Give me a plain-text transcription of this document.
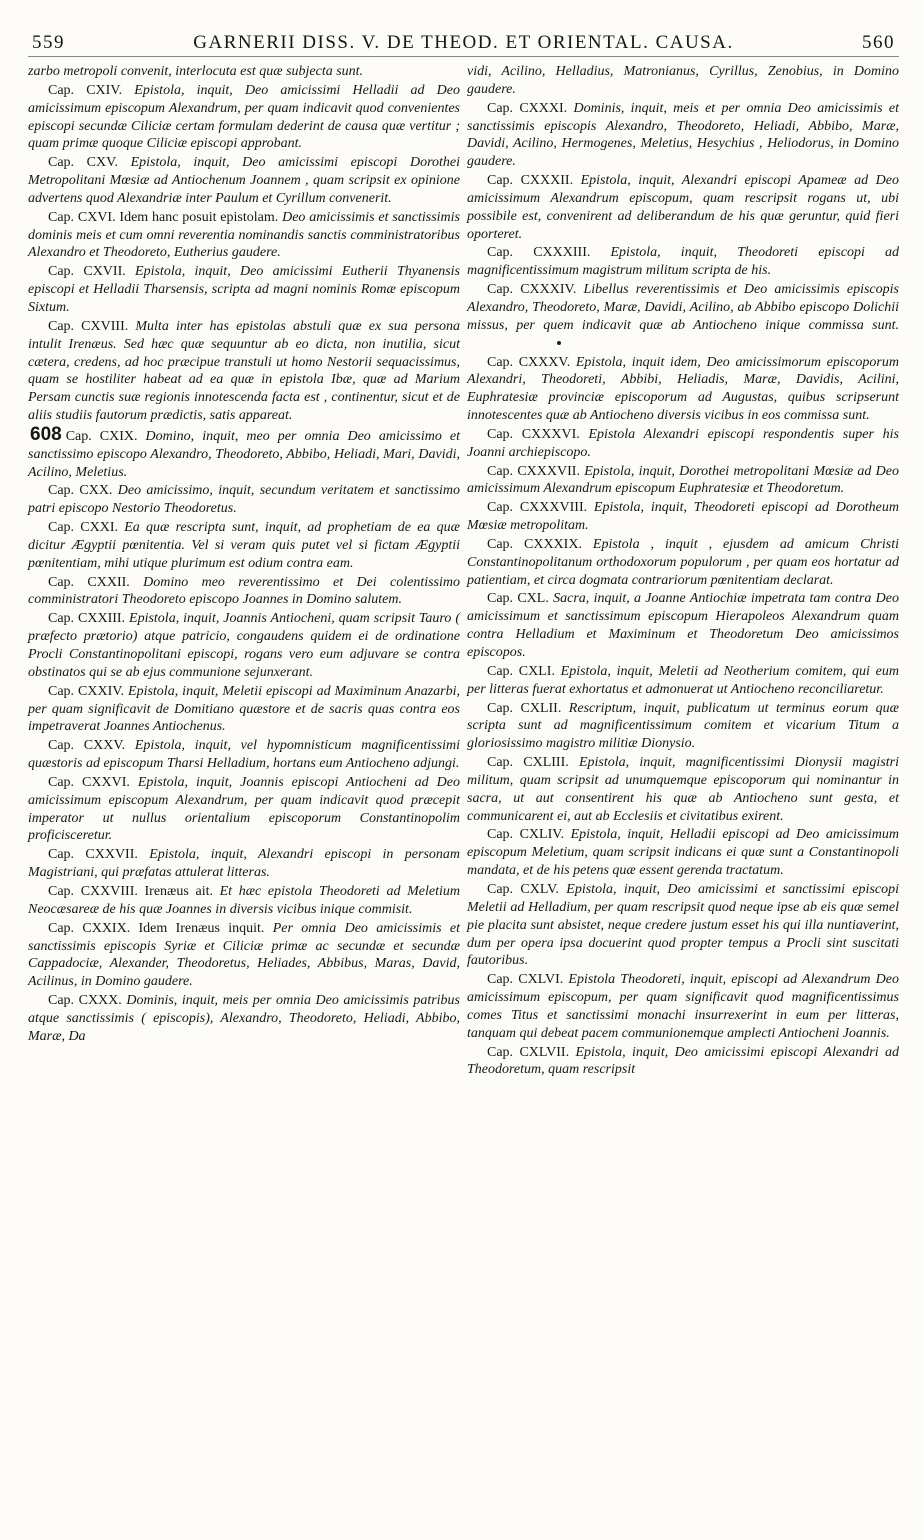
559	GARNERII DISS. V. DE THEOD. ET ORIENTAL. CAUSA.	560

zarbo metropoli convenit, interlocuta est quæ subjecta sunt.

Cap. CXIV. Epistola, inquit, Deo amicissimi Helladii ad Deo amicissimum episcopum Alexandrum, per quam indicavit quod convenientes episcopi secundæ Ciliciæ certam formulam dederint de causa quæ vertitur ; quam primæ quoque Ciliciæ episcopi approbant.

Cap. CXV. Epistola, inquit, Deo amicissimi episcopi Dorothei Metropolitani Mœsiæ ad Antiochenum Joannem , quam scripsit ex opinione advertens quod Alexandriæ inter Paulum et Cyrillum convenerit.

Cap. CXVI. Idem hanc posuit epistolam. Deo amicissimis et sanctissimis dominis meis et cum omni reverentia nominandis sanctis comministratoribus Alexandro et Theodoreto, Eutherius gaudere.

Cap. CXVII. Epistola, inquit, Deo amicissimi Eutherii Thyanensis episcopi et Helladii Tharsensis, scripta ad magni nominis Romæ episcopum Sixtum.

Cap. CXVIII. Multa inter has epistolas abstuli quæ ex sua persona intulit Irenæus. Sed hæc quæ sequuntur ab eo dicta, non inutilia, sicut cætera, credens, ad hoc præcipue transtuli ut homo Nestorii sequacissimus, quam se hostiliter habeat ad ea quæ in epistola Ibæ, quæ ad Marium Persam cunctis suæ regionis innotescenda facta est , continentur, sicut et de aliis studiis fautorum prædictis, satis appareat.

608 Cap. CXIX. Domino, inquit, meo per omnia Deo amicissimo et sanctissimo episcopo Alexandro, Theodoreto, Abbibo, Heliadi, Mari, Davidi, Acilino, Meletius.

Cap. CXX. Deo amicissimo, inquit, secundum veritatem et sanctissimo patri episcopo Nestorio Theodoretus.

Cap. CXXI. Ea quæ rescripta sunt, inquit, ad prophetiam de ea quæ dicitur Ægyptii pœnitentia. Vel si veram quis putet vel si fictam Ægyptii pœnitentiam, mihi utique plurimum est odium contra eam.

Cap. CXXII. Domino meo reverentissimo et Dei colentissimo comministratori Theodoreto episcopo Joannes in Domino salutem.

Cap. CXXIII. Epistola, inquit, Joannis Antiocheni, quam scripsit Tauro ( præfecto prætorio) atque patricio, congaudens quidem ei de ordinatione Procli Constantinopolitani episcopi, rogans vero eum adjuvare se contra obstinatos qui se ab ejus communione sejunxerant.

Cap. CXXIV. Epistola, inquit, Meletii episcopi ad Maximinum Anazarbi, per quam significavit de Domitiano quæstore et de sacris quas contra eos impetraverat Joannes Antiochenus.

Cap. CXXV. Epistola, inquit, vel hypomnisticum magnificentissimi quæstoris ad episcopum Tharsi Helladium, hortans eum Antiocheno adjungi.

Cap. CXXVI. Epistola, inquit, Joannis episcopi Antiocheni ad Deo amicissimum episcopum Alexandrum, per quam indicavit quod præcepit imperator ut nullus orientalium episcoporum Constantinopolim proficisceretur.

Cap. CXXVII. Epistola, inquit, Alexandri episcopi in personam Magistriani, qui præfatas attulerat litteras.

Cap. CXXVIII. Irenæus ait. Et hæc epistola Theodoreti ad Meletium Neocæsareæ de his quæ Joannes in diversis vicibus inique commisit.

Cap. CXXIX. Idem Irenæus inquit. Per omnia Deo amicissimis et sanctissimis episcopis Syriæ et Ciliciæ primæ ac secundæ et secundæ Cappadociæ, Alexander, Theodoretus, Heliades, Abbibus, Maras, David, Acilinus, in Domino gaudere.

Cap. CXXX. Dominis, inquit, meis per omnia Deo amicissimis patribus atque sanctissimis ( episcopis), Alexandro, Theodoreto, Heliadi, Abbibo, Maræ, Da

vidi, Acilino, Helladius, Matronianus, Cyrillus, Zenobius, in Domino gaudere.

Cap. CXXXI. Dominis, inquit, meis et per omnia Deo amicissimis et sanctissimis episcopis Alexandro, Theodoreto, Heliadi, Abbibo, Maræ, Davidi, Acilino, Hermogenes, Meletius, Hesychius , Heliodorus, in Domino gaudere.

Cap. CXXXII. Epistola, inquit, Alexandri episcopi Apameæ ad Deo amicissimum Alexandrum episcopum, quam rescripsit rogans ut, ubi possibile est, convenirent ad deliberandum de his quæ geruntur, quid fieri oporteret.

Cap. CXXXIII. Epistola, inquit, Theodoreti episcopi ad magnificentissimum magistrum militum scripta de his.

Cap. CXXXIV. Libellus reverentissimis et Deo amicissimis episcopis Alexandro, Theodoreto, Maræ, Davidi, Acilino, ab Abbibo episcopo Dolichii missus, per quem indicavit quæ ab Antiocheno inique commissa sunt.

Cap. CXXXV. Epistola, inquit idem, Deo amicissimorum episcoporum Alexandri, Theodoreti, Abbibi, Heliadis, Maræ, Davidis, Acilini, Euphratesiæ provinciæ episcoporum ad Augustas, quibus scripserunt innotescentes quæ ab Antiocheno diversis vicibus in eos commissa sunt.

Cap. CXXXVI. Epistola Alexandri episcopi respondentis super his Joanni archiepiscopo.

Cap. CXXXVII. Epistola, inquit, Dorothei metropolitani Mœsiæ ad Deo amicissimum Alexandrum episcopum Euphratesiæ et Theodoretum.

Cap. CXXXVIII. Epistola, inquit, Theodoreti episcopi ad Dorotheum Mœsiæ metropolitam.

Cap. CXXXIX. Epistola , inquit , ejusdem ad amicum Christi Constantinopolitanum orthodoxorum populorum , per quam eos hortatur ad patientiam, et circa dogmata contrariorum pœnitentiam declarat.

Cap. CXL. Sacra, inquit, a Joanne Antiochiæ impetrata tam contra Deo amicissimum et sanctissimum episcopum Hierapoleos Alexandrum quam contra Helladium et Maximinum et Theodoretum Deo amicissimos episcopos.

Cap. CXLI. Epistola, inquit, Meletii ad Neotherium comitem, qui eum per litteras fuerat exhortatus et admonuerat ut Antiocheno reconciliaretur.

Cap. CXLII. Rescriptum, inquit, publicatum ut terminus eorum quæ scripta sunt ad magnificentissimum comitem et vicarium Titum a gloriosissimo magistro militiæ Dionysio.

Cap. CXLIII. Epistola, inquit, magnificentissimi Dionysii magistri militum, quam scripsit ad unumquemque episcoporum qui nominantur in sacra, ut aut consentirent his quæ ab Antiocheno sunt gesta, et communicarent ei, aut ab Ecclesiis et civitatibus exirent.

Cap. CXLIV. Epistola, inquit, Helladii episcopi ad Deo amicissimum episcopum Meletium, quam scripsit indicans ei quæ sunt a Constantinopoli mandata, et de his petens quæ essent gerenda tractatum.

Cap. CXLV. Epistola, inquit, Deo amicissimi et sanctissimi episcopi Meletii ad Helladium, per quam rescripsit quod neque ipse ab eis quæ semel pie placita sunt absistet, neque credere justum esset his qui illa nuntiaverint, dum per opera ipsa docuerint quod propter tempus a Procli sint suscitati fautoribus.

Cap. CXLVI. Epistola Theodoreti, inquit, episcopi ad Alexandrum Deo amicissimum episcopum, per quam significavit quod magnificentissimus comes Titus et sanctissimi monachi insurrexerint in eum per litteras, tanquam qui debeat pacem communionemque amplecti Antiocheni Joannis.

Cap. CXLVII. Epistola, inquit, Deo amicissimi episcopi Alexandri ad Theodoretum, quam rescripsit
